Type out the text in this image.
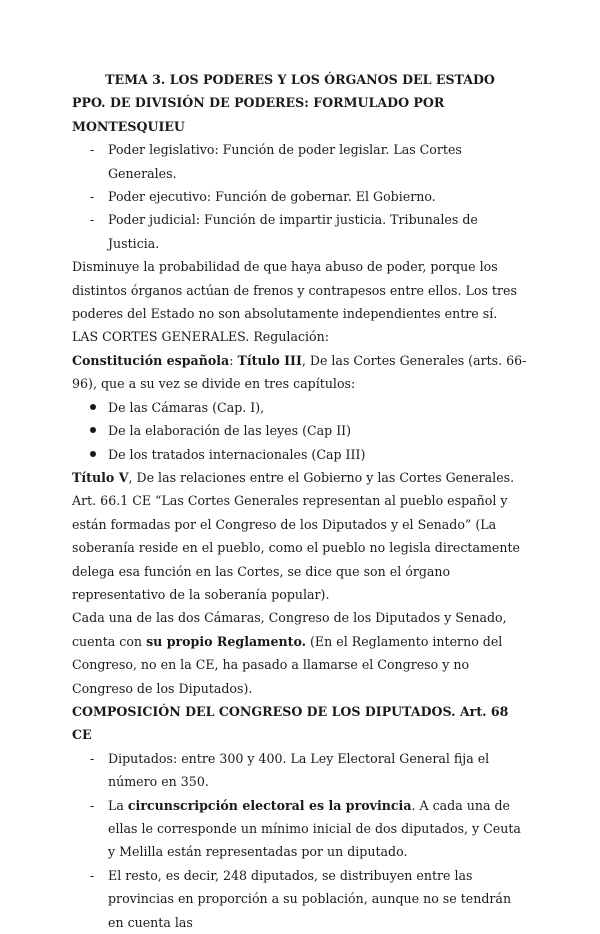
TEMA 3. LOS PODERES Y LOS ÓRGANOS DEL ESTADO

PPO. DE DIVISIÓN DE PODERES: FORMULADO POR MONTESQUIEU

- Poder legislativo: Función de poder legislar. Las Cortes Generales.
- Poder ejecutivo: Función de gobernar. El Gobierno.
- Poder judicial: Función de impartir justicia. Tribunales de Justicia.

Disminuye la probabilidad de que haya abuso de poder, porque los distintos órganos actúan de frenos y contrapesos entre ellos. Los tres poderes del Estado no son absolutamente independientes entre sí.

LAS CORTES GENERALES. Regulación:

Constitución española: Título III, De las Cortes Generales (arts. 66-96), que a su vez se divide en tres capítulos:

De las Cámaras (Cap. I),
De la elaboración de las leyes (Cap II)
De los tratados internacionales (Cap III)

Título V, De las relaciones entre el Gobierno y las Cortes Generales. Art. 66.1 CE “Las Cortes Generales representan al pueblo español y están formadas por el Congreso de los Diputados y el Senado” (La soberanía reside en el pueblo, como el pueblo no legisla directamente delega esa función en las Cortes, se dice que son el órgano representativo de la soberanía popular).

Cada una de las dos Cámaras, Congreso de los Diputados y Senado, cuenta con su propio Reglamento. (En el Reglamento interno del Congreso, no en la CE, ha pasado a llamarse el Congreso y no Congreso de los Diputados).

COMPOSICIÓN DEL CONGRESO DE LOS DIPUTADOS. Art. 68 CE

- Diputados: entre 300 y 400. La Ley Electoral General fija el número en 350.
- La circunscripción electoral es la provincia. A cada una de ellas le corresponde un mínimo inicial de dos diputados, y Ceuta y Melilla están representadas por un diputado.
- El resto, es decir, 248 diputados, se distribuyen entre las provincias en proporción a su población, aunque no se tendrán en cuenta las
